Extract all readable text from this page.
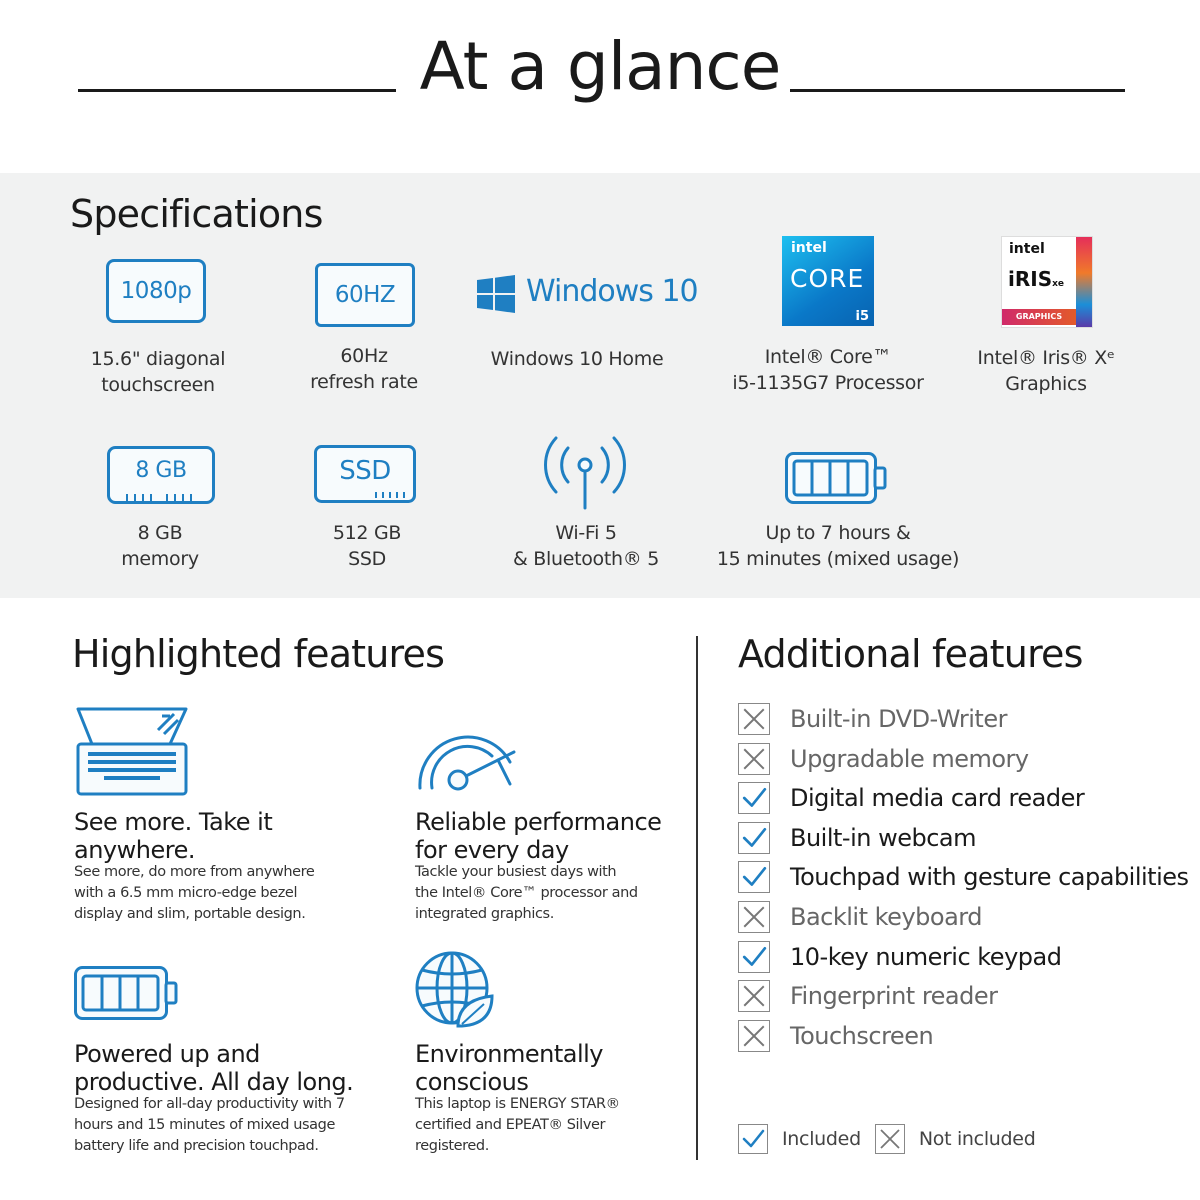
At a glance
Specifications
1080p
15.6" diagonal
touchscreen
60HZ
60Hz
refresh rate
Windows 10
Windows 10 Home
intel
CORE
i5
Intel® Core™
i5-1135G7 Processor
intel
iRISxe
GRAPHICS
Intel® Iris® Xᵉ
Graphics
8 GB
8 GB
memory
SSD
512 GB
SSD
Wi-Fi 5
& Bluetooth® 5
Up to 7 hours &
15 minutes (mixed usage)
Highlighted features
See more. Take it
anywhere.
See more, do more from anywhere
with a 6.5 mm micro-edge bezel
display and slim, portable design.
Reliable performance
for every day
Tackle your busiest days with
the Intel® Core™ processor and
integrated graphics.
Powered up and
productive. All day long.
Designed for all-day productivity with 7
hours and 15 minutes of mixed usage
battery life and precision touchpad.
Environmentally
conscious
This laptop is ENERGY STAR®
certified and EPEAT® Silver
registered.
Additional features
Built-in DVD-Writer
Upgradable memory
Digital media card reader
Built-in webcam
Touchpad with gesture capabilities
Backlit keyboard
10-key numeric keypad
Fingerprint reader
Touchscreen
Included	Not included
